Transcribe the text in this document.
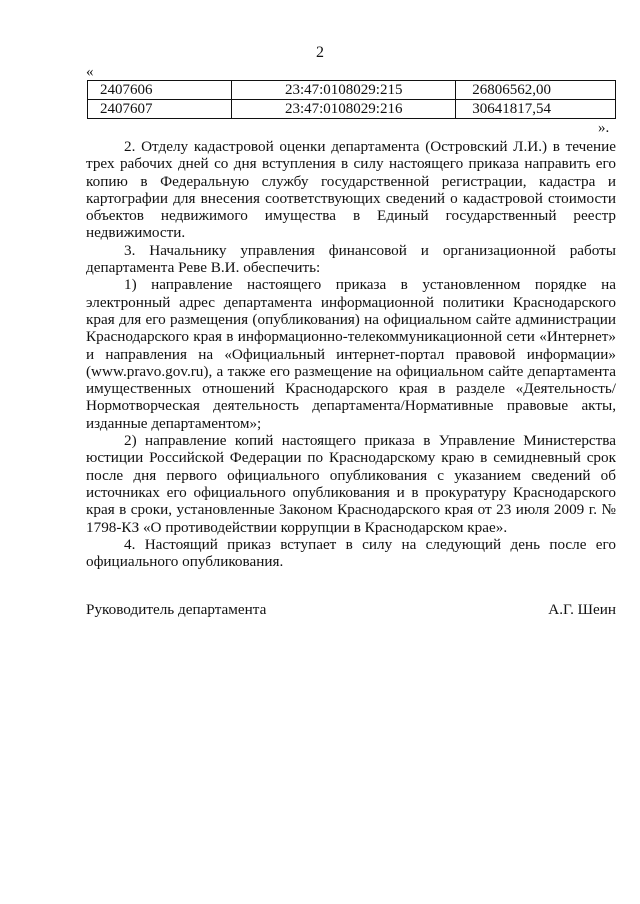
2
«
2407606	23:47:0108029:215	26806562,00
2407607	23:47:0108029:216	30641817,54
».

2. Отделу кадастровой оценки департамента (Островский Л.И.) в течение трех рабочих дней со дня вступления в силу настоящего приказа направить его копию в Федеральную службу государственной регистрации, кадастра и картографии для внесения соответствующих сведений о кадастровой стоимости объектов недвижимого имущества в Единый государственный реестр недвижимости.

3. Начальнику управления финансовой и организационной работы департамента Реве В.И. обеспечить:

1) направление настоящего приказа в установленном порядке на электронный адрес департамента информационной политики Краснодарского края для его размещения (опубликования) на официальном сайте администрации Краснодарского края в информационно-телекоммуникационной сети «Интернет» и направления на «Официальный интернет-портал правовой информации» (www.pravo.gov.ru), а также его размещение на официальном сайте департамента имущественных отношений Краснодарского края в разделе «Деятельность/Нормотворческая деятельность департамента/Нормативные правовые акты, изданные департаментом»;

2) направление копий настоящего приказа в Управление Министерства юстиции Российской Федерации по Краснодарскому краю в семидневный срок после дня первого официального опубликования с указанием сведений об источниках его официального опубликования и в прокуратуру Краснодарского края в сроки, установленные Законом Краснодарского края от 23 июля 2009 г. № 1798-КЗ «О противодействии коррупции в Краснодарском крае».

4. Настоящий приказ вступает в силу на следующий день после его официального опубликования.

Руководитель департамента	А.Г. Шеин
